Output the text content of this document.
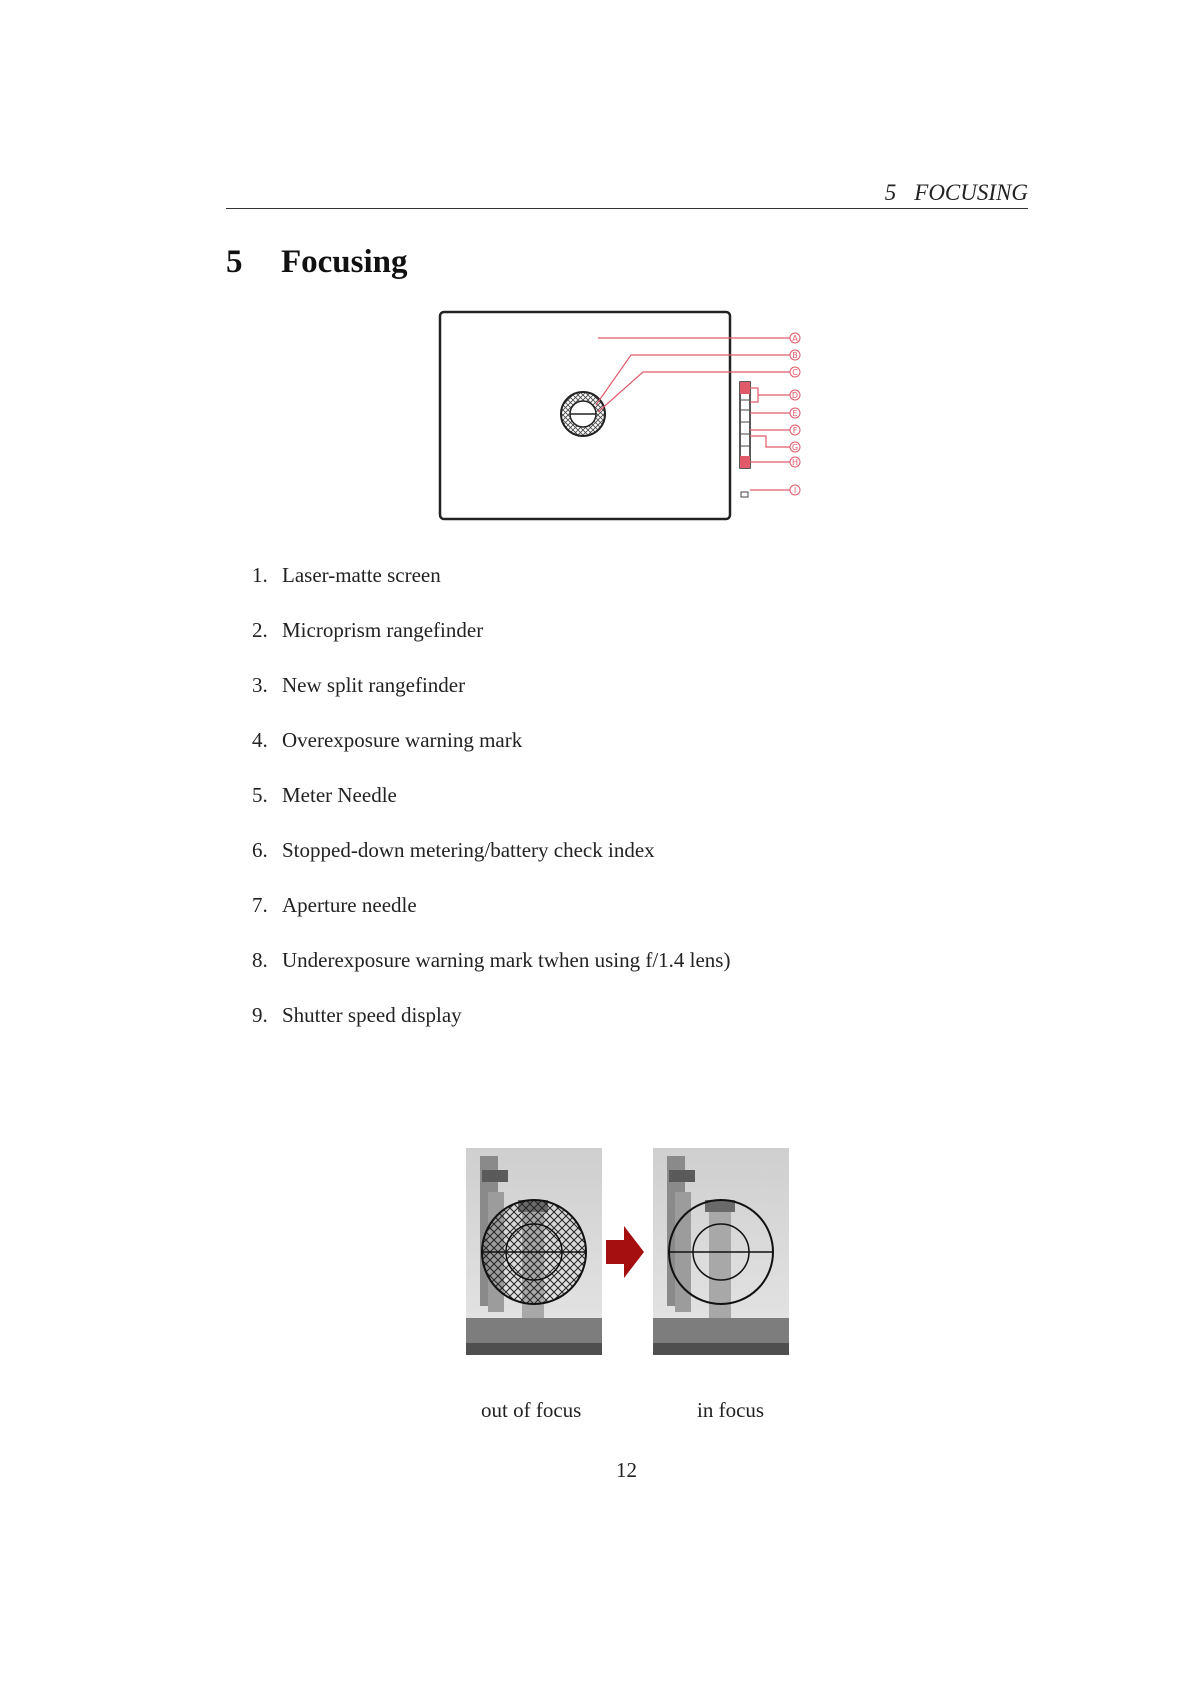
5 FOCUSING
5 Focusing
A
B
C
D
E
F
G
H
I
1. Laser-matte screen
2. Microprism rangefinder
3. New split rangefinder
4. Overexposure warning mark
5. Meter Needle
6. Stopped-down metering/battery check index
7. Aperture needle
8. Underexposure warning mark twhen using f/1.4 lens)
9. Shutter speed display
out of focus	in focus
12
